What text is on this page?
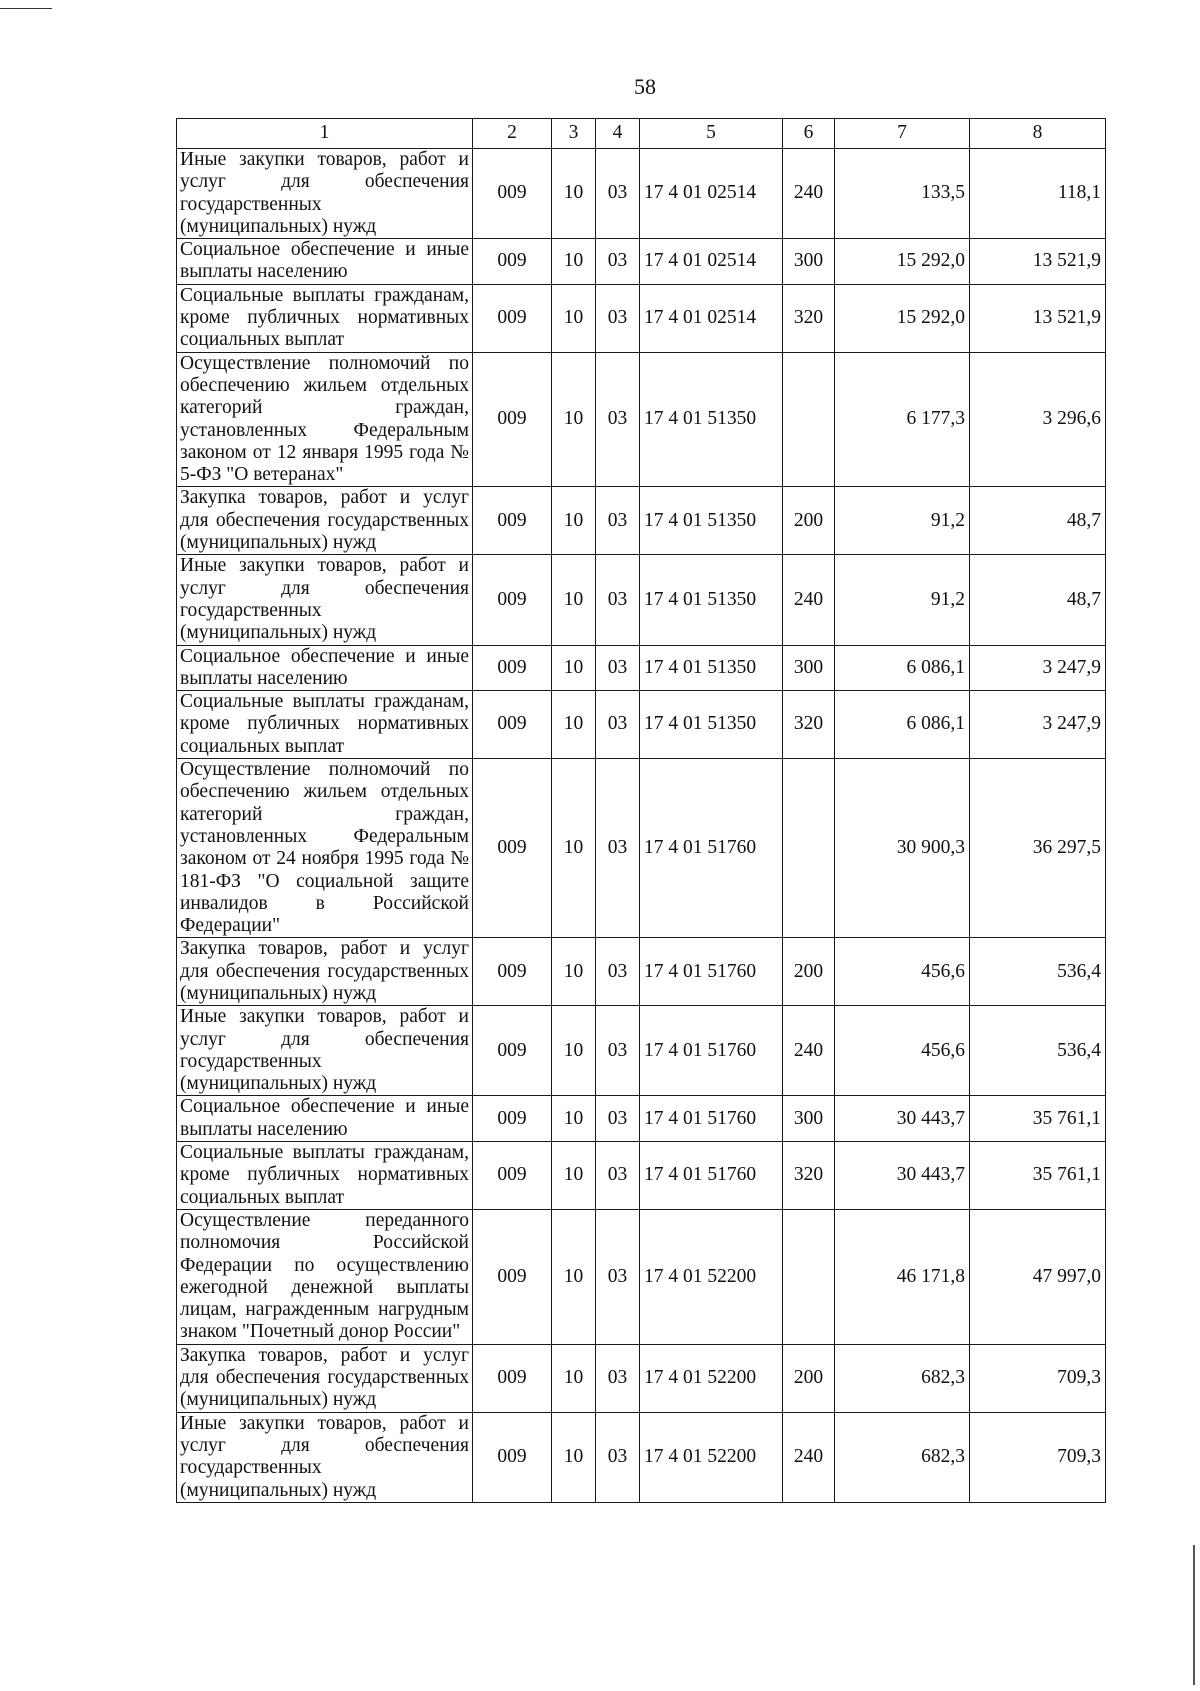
58
1	2	3	4	5	6	7	8
Иные закупки товаров, работ и услуг для обеспечения государственных (муниципальных) нужд	009	10	03	17 4 01 02514	240	133,5	118,1
Социальное обеспечение и иные выплаты населению	009	10	03	17 4 01 02514	300	15 292,0	13 521,9
Социальные выплаты гражданам, кроме публичных нормативных социальных выплат	009	10	03	17 4 01 02514	320	15 292,0	13 521,9
Осуществление полномочий по обеспечению жильем отдельных категорий граждан, установленных Федеральным законом от 12 января 1995 года № 5-ФЗ "О ветеранах"	009	10	03	17 4 01 51350		6 177,3	3 296,6
Закупка товаров, работ и услуг для обеспечения государственных (муниципальных) нужд	009	10	03	17 4 01 51350	200	91,2	48,7
Иные закупки товаров, работ и услуг для обеспечения государственных (муниципальных) нужд	009	10	03	17 4 01 51350	240	91,2	48,7
Социальное обеспечение и иные выплаты населению	009	10	03	17 4 01 51350	300	6 086,1	3 247,9
Социальные выплаты гражданам, кроме публичных нормативных социальных выплат	009	10	03	17 4 01 51350	320	6 086,1	3 247,9
Осуществление полномочий по обеспечению жильем отдельных категорий граждан, установленных Федеральным законом от 24 ноября 1995 года № 181-ФЗ "О социальной защите инвалидов в Российской Федерации"	009	10	03	17 4 01 51760		30 900,3	36 297,5
Закупка товаров, работ и услуг для обеспечения государственных (муниципальных) нужд	009	10	03	17 4 01 51760	200	456,6	536,4
Иные закупки товаров, работ и услуг для обеспечения государственных (муниципальных) нужд	009	10	03	17 4 01 51760	240	456,6	536,4
Социальное обеспечение и иные выплаты населению	009	10	03	17 4 01 51760	300	30 443,7	35 761,1
Социальные выплаты гражданам, кроме публичных нормативных социальных выплат	009	10	03	17 4 01 51760	320	30 443,7	35 761,1
Осуществление переданного полномочия Российской Федерации по осуществлению ежегодной денежной выплаты лицам, награжденным нагрудным знаком "Почетный донор России"	009	10	03	17 4 01 52200		46 171,8	47 997,0
Закупка товаров, работ и услуг для обеспечения государственных (муниципальных) нужд	009	10	03	17 4 01 52200	200	682,3	709,3
Иные закупки товаров, работ и услуг для обеспечения государственных (муниципальных) нужд	009	10	03	17 4 01 52200	240	682,3	709,3
